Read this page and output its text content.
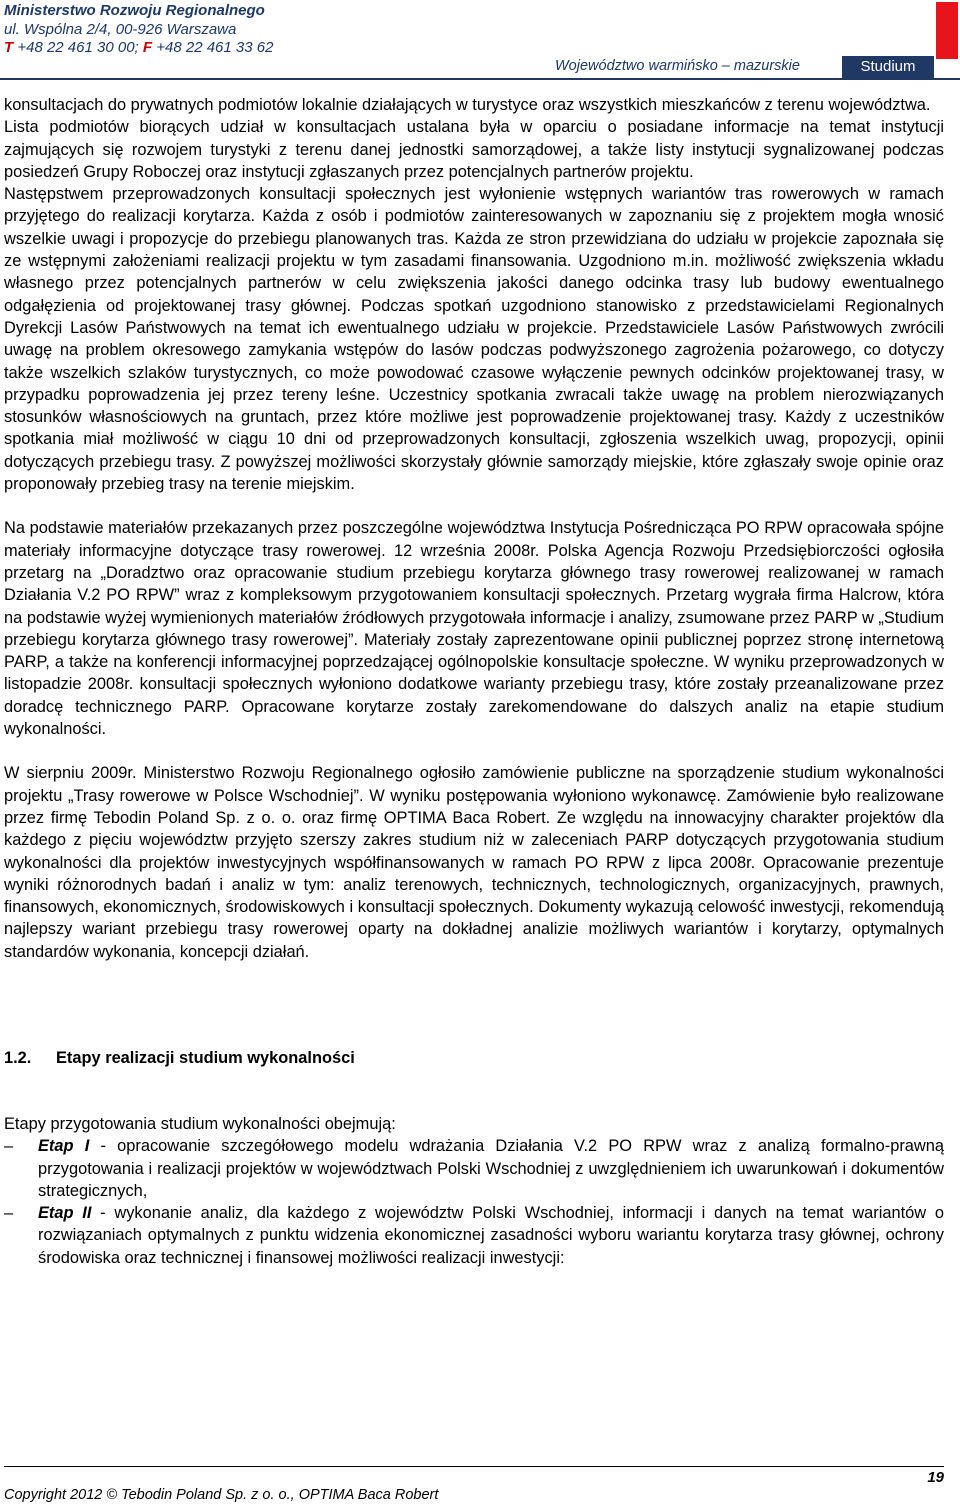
Ministerstwo Rozwoju Regionalnego
ul. Wspólna 2/4, 00-926 Warszawa
T +48 22 461 30 00; F +48 22 461 33 62
Województwo warmińsko – mazurskie	Studium

konsultacjach do prywatnych podmiotów lokalnie działających w turystyce oraz wszystkich mieszkańców z terenu województwa.

Lista podmiotów biorących udział w konsultacjach ustalana była w oparciu o posiadane informacje na temat instytucji zajmujących się rozwojem turystyki z terenu danej jednostki samorządowej, a także listy instytucji sygnalizowanej podczas posiedzeń Grupy Roboczej oraz instytucji zgłaszanych przez potencjalnych partnerów projektu.

Następstwem przeprowadzonych konsultacji społecznych jest wyłonienie wstępnych wariantów tras rowerowych w ramach przyjętego do realizacji korytarza. Każda z osób i podmiotów zainteresowanych w zapoznaniu się z projektem mogła wnosić wszelkie uwagi i propozycje do przebiegu planowanych tras. Każda ze stron przewidziana do udziału w projekcie zapoznała się ze wstępnymi założeniami realizacji projektu w tym zasadami finansowania. Uzgodniono m.in. możliwość zwiększenia wkładu własnego przez potencjalnych partnerów w celu zwiększenia jakości danego odcinka trasy lub budowy ewentualnego odgałęzienia od projektowanej trasy głównej. Podczas spotkań uzgodniono stanowisko z przedstawicielami Regionalnych Dyrekcji Lasów Państwowych na temat ich ewentualnego udziału w projekcie. Przedstawiciele Lasów Państwowych zwrócili uwagę na problem okresowego zamykania wstępów do lasów podczas podwyższonego zagrożenia pożarowego, co dotyczy także wszelkich szlaków turystycznych, co może powodować czasowe wyłączenie pewnych odcinków projektowanej trasy, w przypadku poprowadzenia jej przez tereny leśne. Uczestnicy spotkania zwracali także uwagę na problem nierozwiązanych stosunków własnościowych na gruntach, przez które możliwe jest poprowadzenie projektowanej trasy. Każdy z uczestników spotkania miał możliwość w ciągu 10 dni od przeprowadzonych konsultacji, zgłoszenia wszelkich uwag, propozycji, opinii dotyczących przebiegu trasy. Z powyższej możliwości skorzystały głównie samorządy miejskie, które zgłaszały swoje opinie oraz proponowały przebieg trasy na terenie miejskim.

Na podstawie materiałów przekazanych przez poszczególne województwa Instytucja Pośrednicząca PO RPW opracowała spójne materiały informacyjne dotyczące trasy rowerowej. 12 września 2008r. Polska Agencja Rozwoju Przedsiębiorczości ogłosiła przetarg na „Doradztwo oraz opracowanie studium przebiegu korytarza głównego trasy rowerowej realizowanej w ramach Działania V.2 PO RPW” wraz z kompleksowym przygotowaniem konsultacji społecznych. Przetarg wygrała firma Halcrow, która na podstawie wyżej wymienionych materiałów źródłowych przygotowała informacje i analizy, zsumowane przez PARP w „Studium przebiegu korytarza głównego trasy rowerowej”. Materiały zostały zaprezentowane opinii publicznej poprzez stronę internetową PARP, a także na konferencji informacyjnej poprzedzającej ogólnopolskie konsultacje społeczne. W wyniku przeprowadzonych w listopadzie 2008r. konsultacji społecznych wyłoniono dodatkowe warianty przebiegu trasy, które zostały przeanalizowane przez doradcę technicznego PARP. Opracowane korytarze zostały zarekomendowane do dalszych analiz na etapie studium wykonalności.

W sierpniu 2009r. Ministerstwo Rozwoju Regionalnego ogłosiło zamówienie publiczne na sporządzenie studium wykonalności projektu „Trasy rowerowe w Polsce Wschodniej”. W wyniku postępowania wyłoniono wykonawcę. Zamówienie było realizowane przez firmę Tebodin Poland Sp. z o. o. oraz firmę OPTIMA Baca Robert. Ze względu na innowacyjny charakter projektów dla każdego z pięciu województw przyjęto szerszy zakres studium niż w zaleceniach PARP dotyczących przygotowania studium wykonalności dla projektów inwestycyjnych współfinansowanych w ramach PO RPW z lipca 2008r. Opracowanie prezentuje wyniki różnorodnych badań i analiz w tym: analiz terenowych, technicznych, technologicznych, organizacyjnych, prawnych, finansowych, ekonomicznych, środowiskowych i konsultacji społecznych. Dokumenty wykazują celowość inwestycji, rekomendują najlepszy wariant przebiegu trasy rowerowej oparty na dokładnej analizie możliwych wariantów i korytarzy, optymalnych standardów wykonania, koncepcji działań.

1.2. Etapy realizacji studium wykonalności

Etapy przygotowania studium wykonalności obejmują:

– Etap I - opracowanie szczegółowego modelu wdrażania Działania V.2 PO RPW wraz z analizą formalno-prawną przygotowania i realizacji projektów w województwach Polski Wschodniej z uwzględnieniem ich uwarunkowań i dokumentów strategicznych,
– Etap II - wykonanie analiz, dla każdego z województw Polski Wschodniej, informacji i danych na temat wariantów o rozwiązaniach optymalnych z punktu widzenia ekonomicznej zasadności wyboru wariantu korytarza trasy głównej, ochrony środowiska oraz technicznej i finansowej możliwości realizacji inwestycji:
Copyright 2012 © Tebodin Poland Sp. z o. o., OPTIMA Baca Robert
19
